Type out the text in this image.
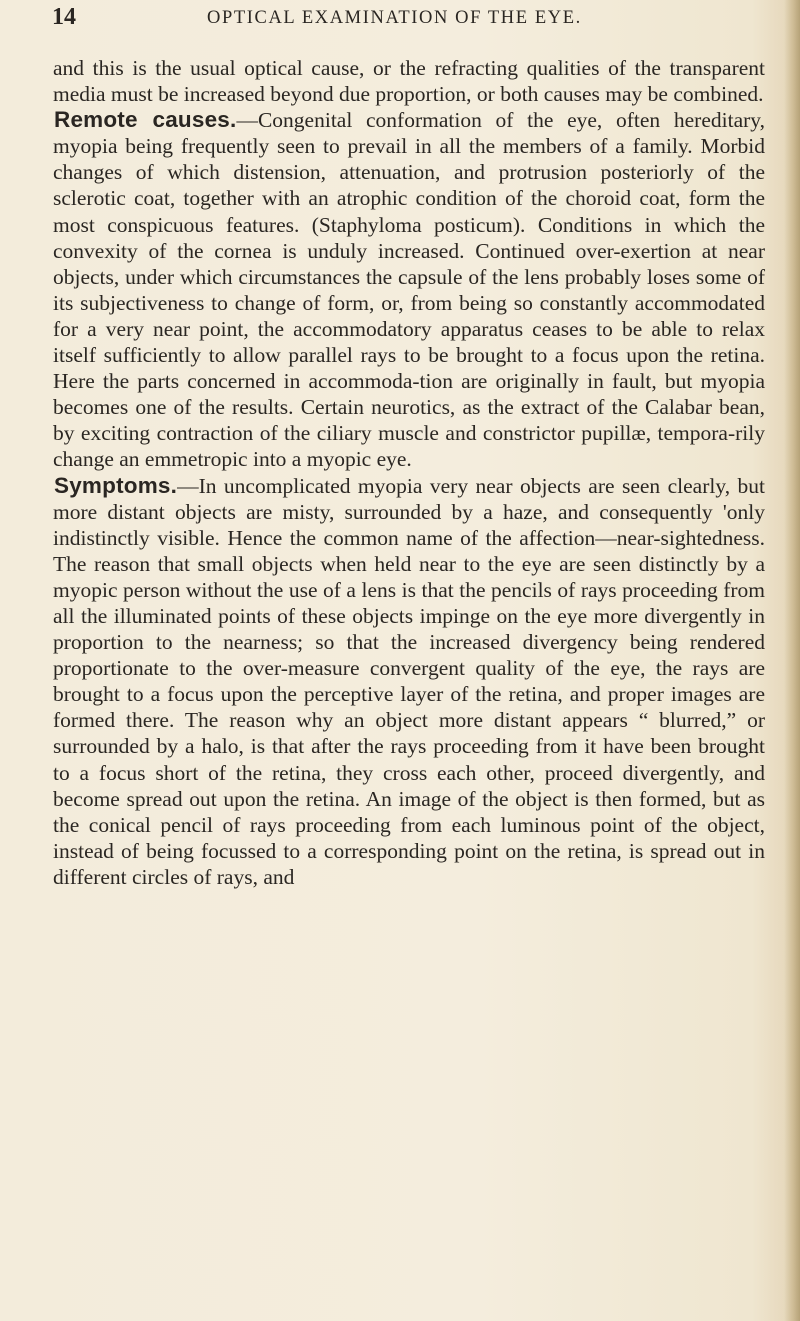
14	OPTICAL EXAMINATION OF THE EYE.

and this is the usual optical cause, or the refracting qualities of the transparent media must be increased beyond due proportion, or both causes may be combined.

Remote causes.—Congenital conformation of the eye, often hereditary, myopia being frequently seen to prevail in all the members of a family. Morbid changes of which distension, attenuation, and protrusion posteriorly of the sclerotic coat, together with an atrophic condition of the choroid coat, form the most conspicuous features. (Staphyloma posticum). Conditions in which the convexity of the cornea is unduly increased. Continued over-exertion at near objects, under which circumstances the capsule of the lens probably loses some of its subjectiveness to change of form, or, from being so constantly accommodated for a very near point, the accommodatory apparatus ceases to be able to relax itself sufficiently to allow parallel rays to be brought to a focus upon the retina. Here the parts concerned in accommoda-tion are originally in fault, but myopia becomes one of the results. Certain neurotics, as the extract of the Calabar bean, by exciting contraction of the ciliary muscle and constrictor pupillæ, tempora-rily change an emmetropic into a myopic eye.

Symptoms.—In uncomplicated myopia very near objects are seen clearly, but more distant objects are misty, surrounded by a haze, and consequently 'only indistinctly visible. Hence the common name of the affection—near-sightedness. The reason that small objects when held near to the eye are seen distinctly by a myopic person without the use of a lens is that the pencils of rays proceeding from all the illuminated points of these objects impinge on the eye more divergently in proportion to the nearness; so that the increased divergency being rendered proportionate to the over-measure convergent quality of the eye, the rays are brought to a focus upon the perceptive layer of the retina, and proper images are formed there. The reason why an object more distant appears “ blurred,” or surrounded by a halo, is that after the rays proceeding from it have been brought to a focus short of the retina, they cross each other, proceed divergently, and become spread out upon the retina. An image of the object is then formed, but as the conical pencil of rays proceeding from each luminous point of the object, instead of being focussed to a corresponding point on the retina, is spread out in different circles of rays, and
